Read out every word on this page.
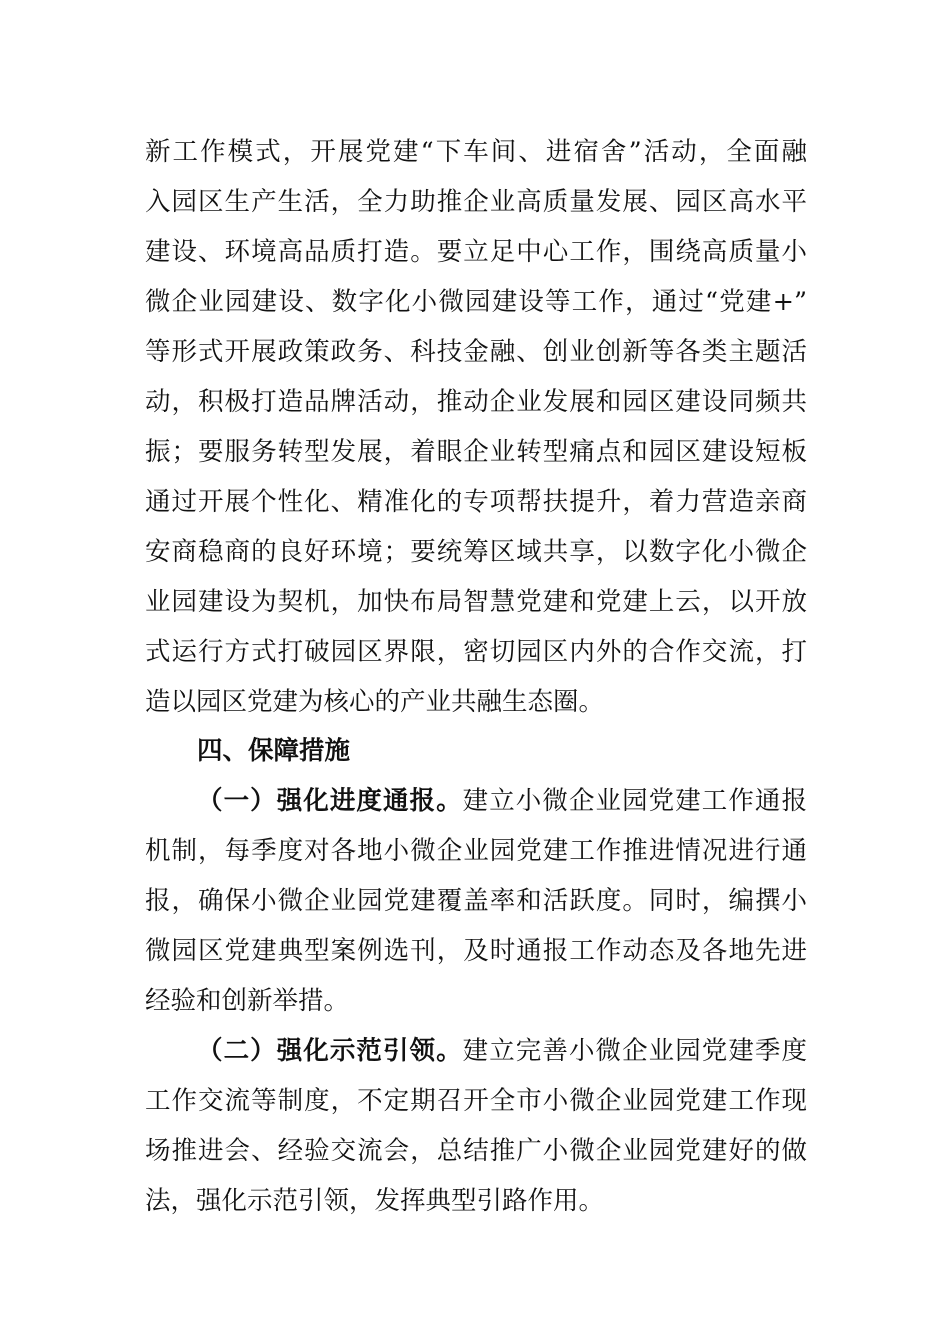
新工作模式，开展党建“下车间、进宿舍”活动，全面融
入园区生产生活，全力助推企业高质量发展、园区高水平
建设、环境高品质打造。要立足中心工作，围绕高质量小
微企业园建设、数字化小微园建设等工作，通过“党建+”
等形式开展政策政务、科技金融、创业创新等各类主题活
动，积极打造品牌活动，推动企业发展和园区建设同频共
振；要服务转型发展，着眼企业转型痛点和园区建设短板
通过开展个性化、精准化的专项帮扶提升，着力营造亲商
安商稳商的良好环境；要统筹区域共享，以数字化小微企
业园建设为契机，加快布局智慧党建和党建上云，以开放
式运行方式打破园区界限，密切园区内外的合作交流，打
造以园区党建为核心的产业共融生态圈。
四、保障措施
（一）强化进度通报。建立小微企业园党建工作通报
机制，每季度对各地小微企业园党建工作推进情况进行通
报，确保小微企业园党建覆盖率和活跃度。同时，编撰小
微园区党建典型案例选刊，及时通报工作动态及各地先进
经验和创新举措。
（二）强化示范引领。建立完善小微企业园党建季度
工作交流等制度，不定期召开全市小微企业园党建工作现
场推进会、经验交流会，总结推广小微企业园党建好的做
法，强化示范引领，发挥典型引路作用。
